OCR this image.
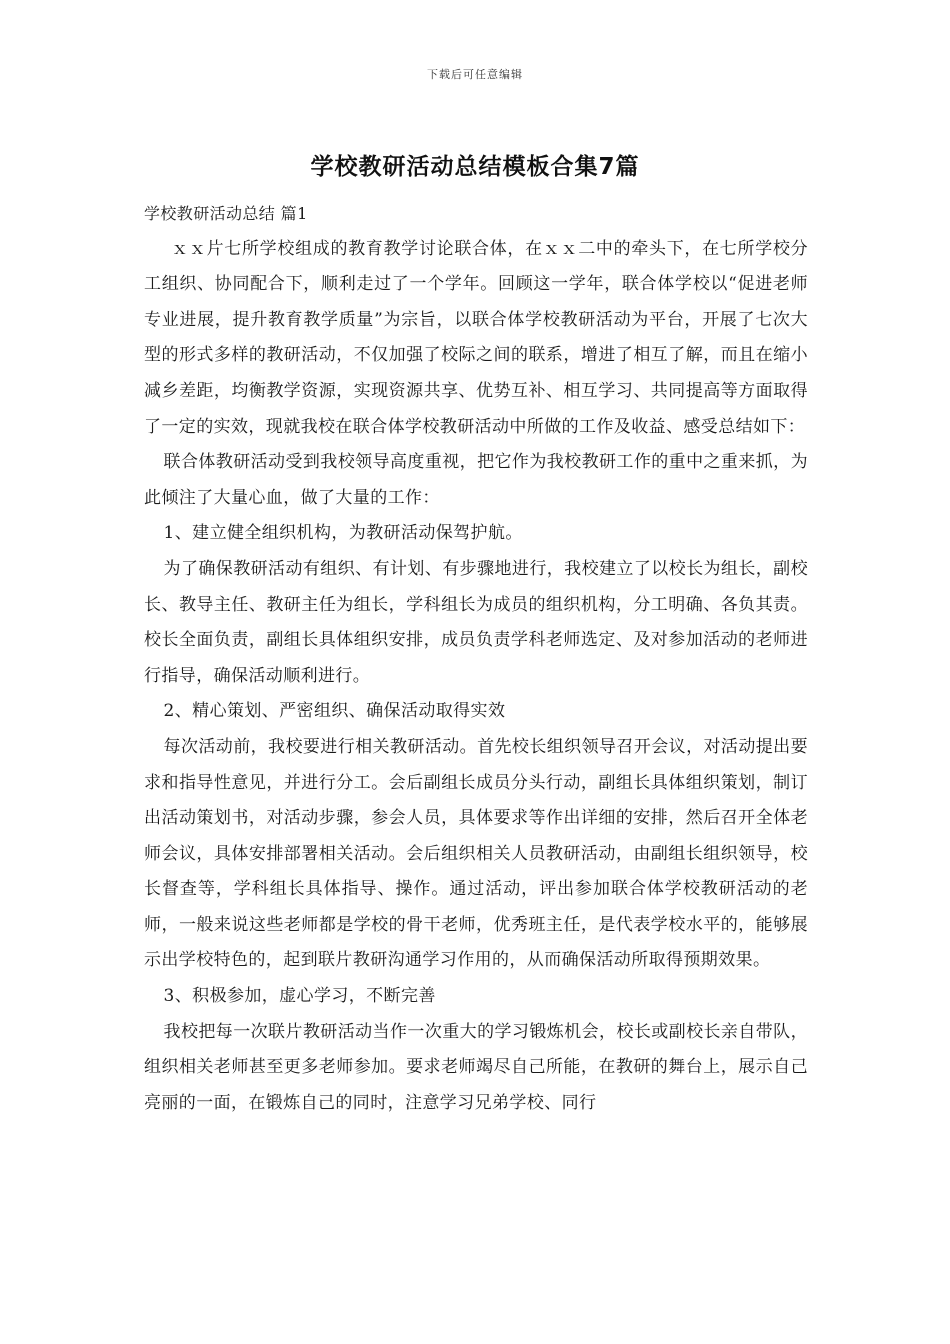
下载后可任意编辑
学校教研活动总结模板合集7篇

学校教研活动总结 篇1

ｘｘ片七所学校组成的教育教学讨论联合体，在ｘｘ二中的牵头下，在七所学校分工组织、协同配合下，顺利走过了一个学年。回顾这一学年，联合体学校以“促进老师专业进展，提升教育教学质量”为宗旨，以联合体学校教研活动为平台，开展了七次大型的形式多样的教研活动，不仅加强了校际之间的联系，增进了相互了解，而且在缩小减乡差距，均衡教学资源，实现资源共享、优势互补、相互学习、共同提高等方面取得了一定的实效，现就我校在联合体学校教研活动中所做的工作及收益、感受总结如下：

联合体教研活动受到我校领导高度重视，把它作为我校教研工作的重中之重来抓，为此倾注了大量心血，做了大量的工作：

1、建立健全组织机构，为教研活动保驾护航。

为了确保教研活动有组织、有计划、有步骤地进行，我校建立了以校长为组长，副校长、教导主任、教研主任为组长，学科组长为成员的组织机构，分工明确、各负其责。校长全面负责，副组长具体组织安排，成员负责学科老师选定、及对参加活动的老师进行指导，确保活动顺利进行。

2、精心策划、严密组织、确保活动取得实效

每次活动前，我校要进行相关教研活动。首先校长组织领导召开会议，对活动提出要求和指导性意见，并进行分工。会后副组长成员分头行动，副组长具体组织策划，制订出活动策划书，对活动步骤，参会人员，具体要求等作出详细的安排，然后召开全体老师会议，具体安排部署相关活动。会后组织相关人员教研活动，由副组长组织领导，校长督查等，学科组长具体指导、操作。通过活动，评出参加联合体学校教研活动的老师，一般来说这些老师都是学校的骨干老师，优秀班主任，是代表学校水平的，能够展示出学校特色的，起到联片教研沟通学习作用的，从而确保活动所取得预期效果。

3、积极参加，虚心学习，不断完善

我校把每一次联片教研活动当作一次重大的学习锻炼机会，校长或副校长亲自带队，组织相关老师甚至更多老师参加。要求老师竭尽自己所能，在教研的舞台上，展示自己亮丽的一面，在锻炼自己的同时，注意学习兄弟学校、同行
